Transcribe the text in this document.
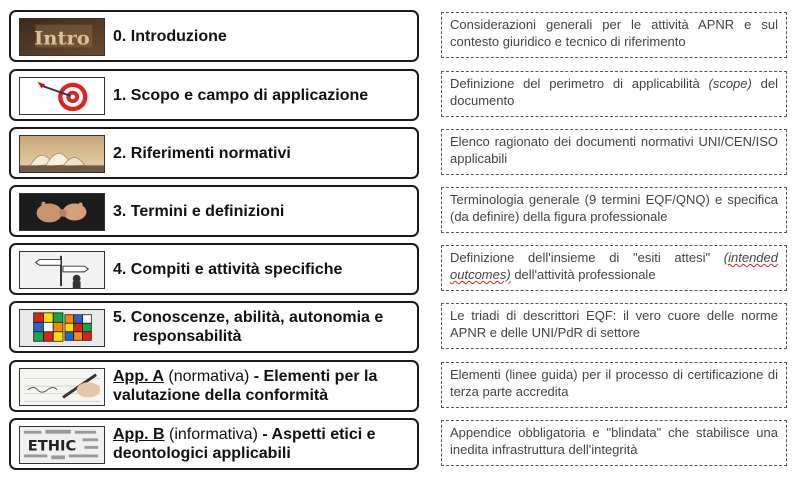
Intro 0. Introduzione
Considerazioni generali per le attività APNR e sul contesto giuridico e tecnico di riferimento
1. Scopo e campo di applicazione
Definizione del perimetro di applicabilità (scope) del documento
2. Riferimenti normativi
Elenco ragionato dei documenti normativi UNI/CEN/ISO applicabili
3. Termini e definizioni
Terminologia generale (9 termini EQF/QNQ) e specifica (da definire) della figura professionale
4. Compiti e attività specifiche
Definizione dell'insieme di "esiti attesi" (intended outcomes) dell'attività professionale
5. Conoscenze, abilità, autonomia e
responsabilità
Le triadi di descrittori EQF: il vero cuore delle norme APNR e delle UNI/PdR di settore
App. A (normativa) - Elementi per la
valutazione della conformità
Elementi (linee guida) per il processo di certificazione di terza parte accredita
ETHIC
App. B (informativa) - Aspetti etici e
deontologici applicabili
Appendice obbligatoria e "blindata" che stabilisce una inedita infrastruttura dell'integrità
